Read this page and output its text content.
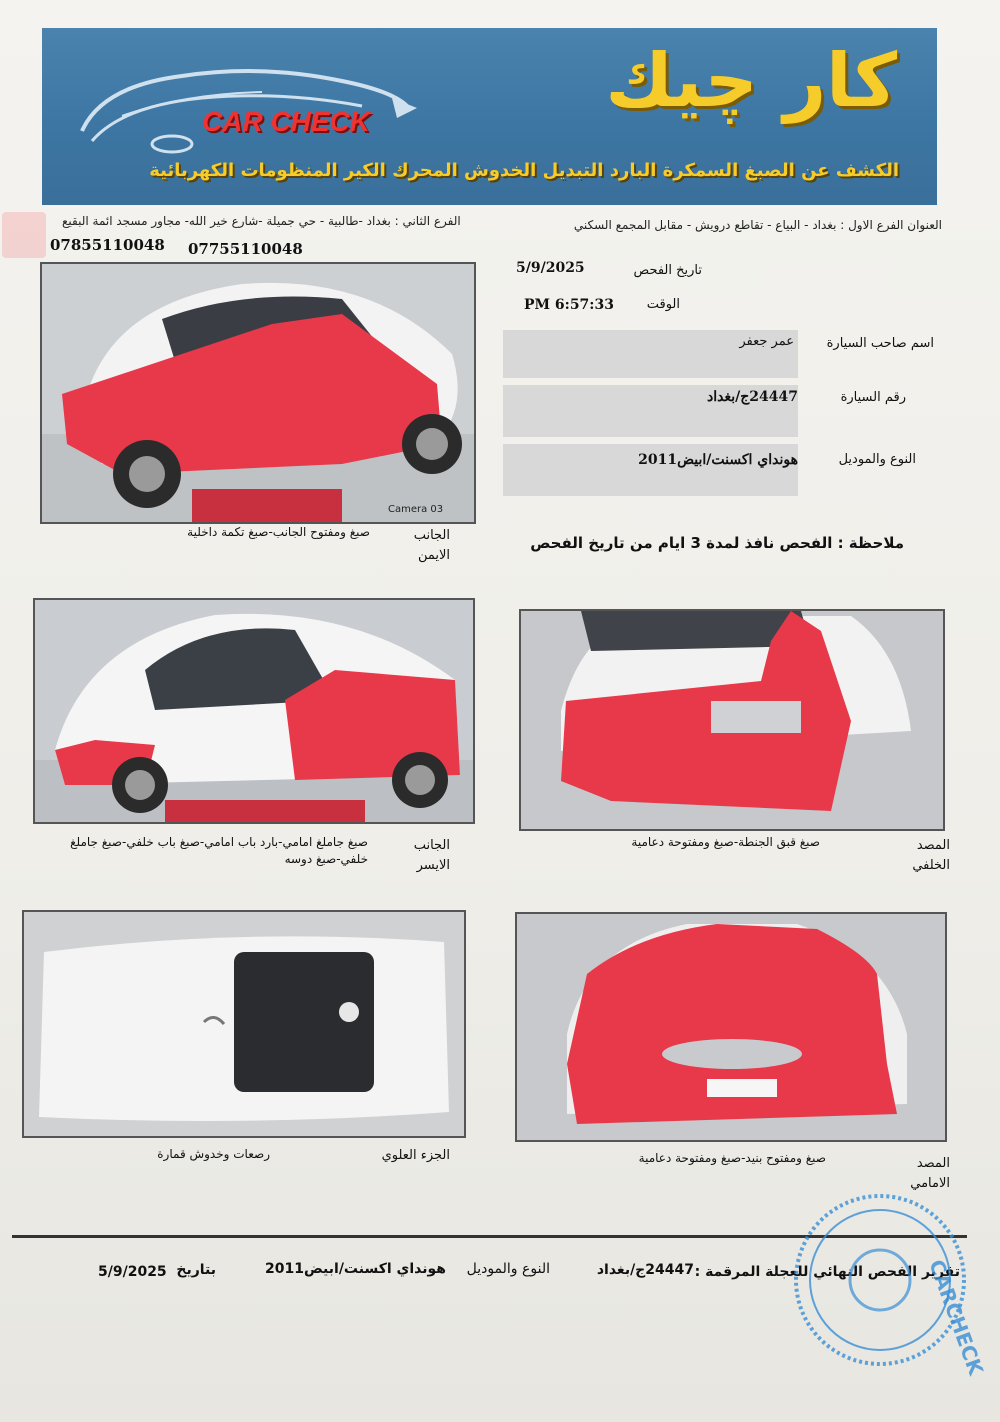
CAR CHECK	كار چيك
الكشف عن الصبغ السمكرة البارد التبديل الخدوش المحرك الكير المنظومات الكهربائية
العنوان الفرع الاول : بغداد - البياع - تقاطع درويش - مقابل المجمع السكني
الفرع الثاني : بغداد -طالبية - حي جميلة -شارع خير الله- مجاور مسجد ائمة البقيع
07755110048
07855110048
تاريخ الفحص
5/9/2025
الوقت
6:57:33 PM
اسم صاحب السيارة
عمر جعفر
رقم السيارة
24447ج/بغداد
النوع والموديل
هونداي اكسنت/ابيض2011
ملاحظة : الفحص نافذ لمدة 3 ايام من تاريخ الفحص
Camera 03
صبغ ومفتوح الجانب-صبغ تكمة داخلية	الجانب الايمن
صبغ جاملغ امامي-بارد باب امامي-صبغ باب خلفي-صبغ جاملغ خلفي-صبغ دوسه
الجانب الايسر
صبغ قبق الجنطة-صبغ ومفتوحة دعامية	المصد الخلفي
رصعات وخدوش قمارة	الجزء العلوي	صبغ ومفتوح بنيد-صبغ ومفتوحة دعامية	المصد الامامي
تقرير الفحص النهائي للعجلة المرقمة :
24447ج/بغداد
النوع والموديل
هونداي اكسنت/ابيض2011
بتاريخ
5/9/2025	CARCHECK
